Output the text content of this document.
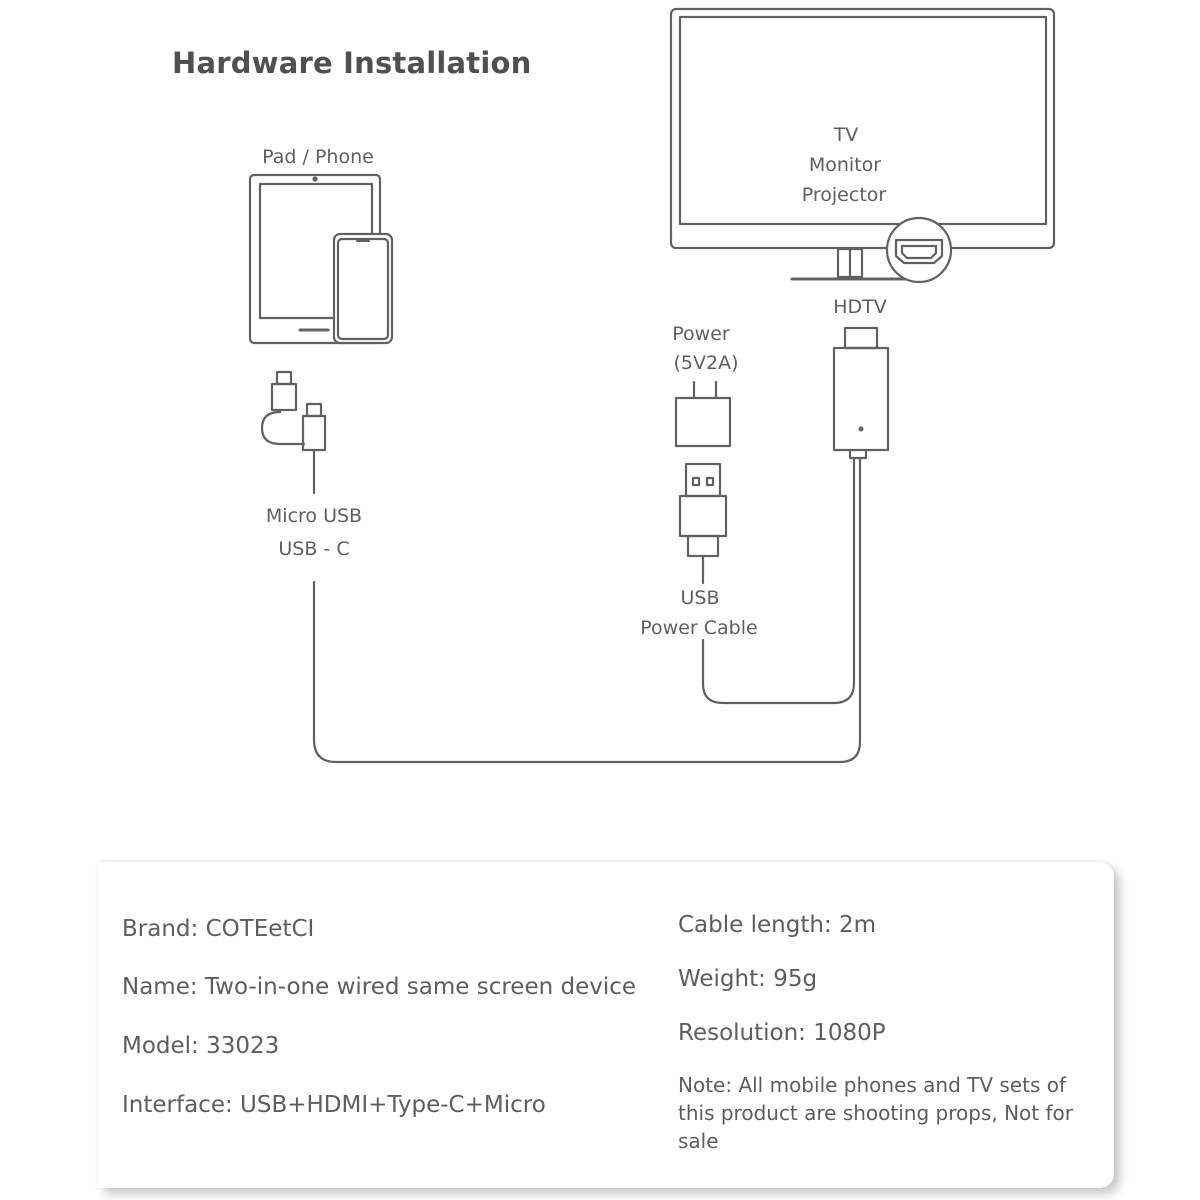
Hardware Installation
Pad / Phone
TV
Monitor
Projector
HDTV
Power
(5V2A)
USB
Power Cable
Micro USB
USB - C

Brand: COTEetCI

Name: Two-in-one wired same screen device

Model: 33023

Interface: USB+HDMI+Type-C+Micro

Cable length: 2m

Weight: 95g

Resolution: 1080P

Note: All mobile phones and TV sets of this product are shooting props, Not for sale
